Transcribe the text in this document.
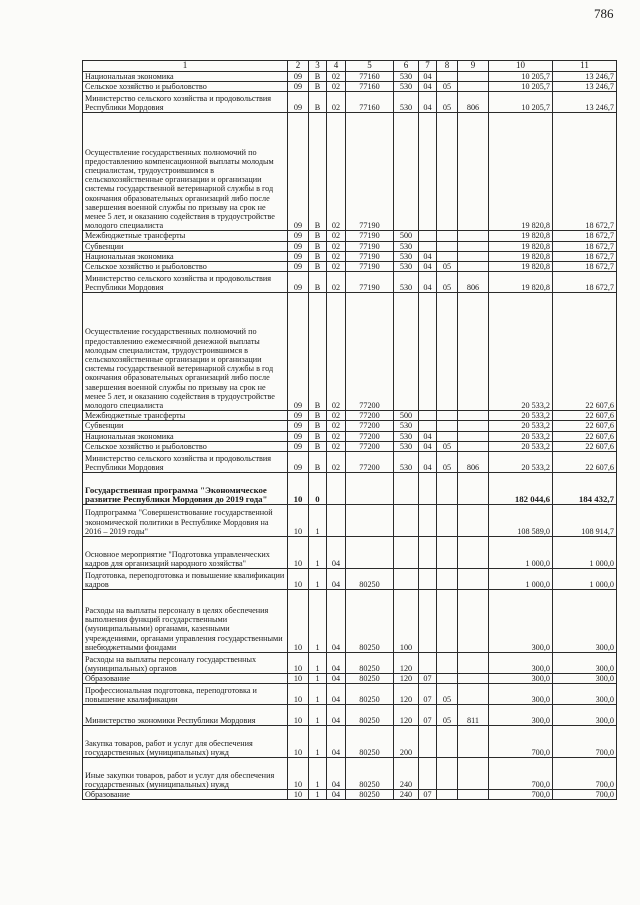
786
1	2	3	4	5	6	7	8	9	10	11
Национальная экономика	09	В	02	77160	530	04			10 205,7	13 246,7
Сельское хозяйство и рыболовство	09	В	02	77160	530	04	05		10 205,7	13 246,7
Министерство сельского хозяйства и продовольствия Республики Мордовия	09	В	02	77160	530	04	05	806	10 205,7	13 246,7
Осуществление государственных полномочий по предоставлению компенсационной выплаты молодым специалистам, трудоустроившимся в сельскохозяйственные организации и организации системы государственной ветеринарной службы в год окончания образовательных организаций либо после завершения военной службы по призыву на срок не менее 5 лет, и оказанию содействия в трудоустройстве молодого специалиста	09	В	02	77190					19 820,8	18 672,7
Межбюджетные трансферты	09	В	02	77190	500				19 820,8	18 672,7
Субвенции	09	В	02	77190	530				19 820,8	18 672,7
Национальная экономика	09	В	02	77190	530	04			19 820,8	18 672,7
Сельское хозяйство и рыболовство	09	В	02	77190	530	04	05		19 820,8	18 672,7
Министерство сельского хозяйства и продовольствия Республики Мордовия	09	В	02	77190	530	04	05	806	19 820,8	18 672,7
Осуществление государственных полномочий по предоставлению ежемесячной денежной выплаты молодым специалистам, трудоустроившимся в сельскохозяйственные организации и организации системы государственной ветеринарной службы в год окончания образовательных организаций либо после завершения военной службы по призыву на срок не менее 5 лет, и оказанию содействия в трудоустройстве молодого специалиста	09	В	02	77200					20 533,2	22 607,6
Межбюджетные трансферты	09	В	02	77200	500				20 533,2	22 607,6
Субвенции	09	В	02	77200	530				20 533,2	22 607,6
Национальная экономика	09	В	02	77200	530	04			20 533,2	22 607,6
Сельское хозяйство и рыболовство	09	В	02	77200	530	04	05		20 533,2	22 607,6
Министерство сельского хозяйства и продовольствия Республики Мордовия	09	В	02	77200	530	04	05	806	20 533,2	22 607,6
Государственная программа "Экономическое развитие Республики Мордовия до 2019 года"	10	0							182 044,6	184 432,7
Подпрограмма "Совершенствование государственной экономической политики в Республике Мордовия на 2016 – 2019 годы"	10	1							108 589,0	108 914,7
Основное мероприятие "Подготовка управленческих кадров для организаций народного хозяйства"	10	1	04						1 000,0	1 000,0
Подготовка, переподготовка и повышение квалификации кадров	10	1	04	80250					1 000,0	1 000,0
Расходы на выплаты персоналу в целях обеспечения выполнения функций государственными (муниципальными) органами, казенными учреждениями, органами управления государственными внебюджетными фондами	10	1	04	80250	100				300,0	300,0
Расходы на выплаты персоналу государственных (муниципальных) органов	10	1	04	80250	120				300,0	300,0
Образование	10	1	04	80250	120	07			300,0	300,0
Профессиональная подготовка, переподготовка и повышение квалификации	10	1	04	80250	120	07	05		300,0	300,0
Министерство экономики Республики Мордовия	10	1	04	80250	120	07	05	811	300,0	300,0
Закупка товаров, работ и услуг для обеспечения государственных (муниципальных) нужд	10	1	04	80250	200				700,0	700,0
Иные закупки товаров, работ и услуг для обеспечения государственных (муниципальных) нужд	10	1	04	80250	240				700,0	700,0
Образование	10	1	04	80250	240	07			700,0	700,0
